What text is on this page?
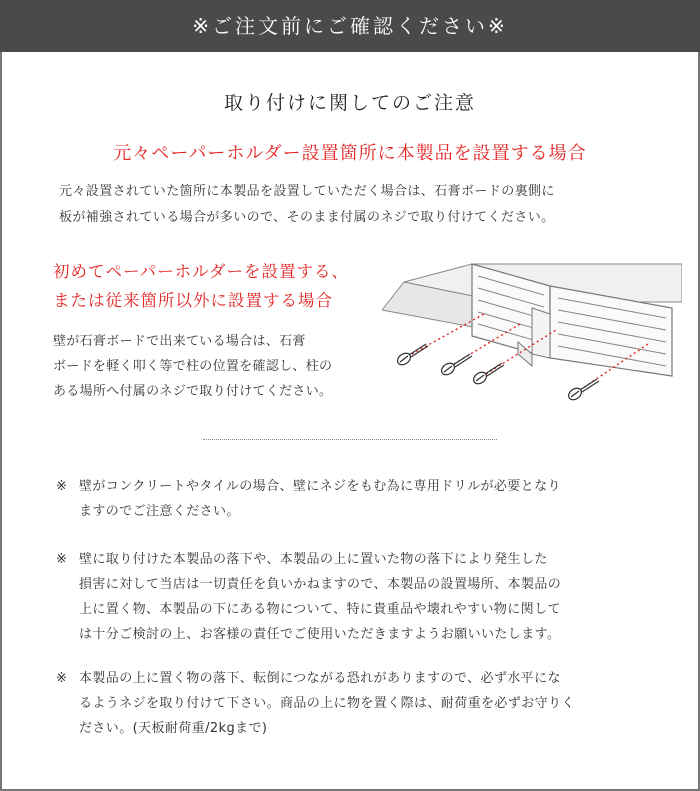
※ご注文前にご確認ください※
取り付けに関してのご注意
元々ペーパーホルダー設置箇所に本製品を設置する場合
元々設置されていた箇所に本製品を設置していただく場合は、石膏ボードの裏側に
板が補強されている場合が多いので、そのまま付属のネジで取り付けてください。
初めてペーパーホルダーを設置する、
または従来箇所以外に設置する場合
壁が石膏ボードで出来ている場合は、石膏
ボードを軽く叩く等で柱の位置を確認し、柱の
ある場所へ付属のネジで取り付けてください。
※ 壁がコンクリートやタイルの場合、壁にネジをもむ為に専用ドリルが必要となり
ますのでご注意ください。
※ 壁に取り付けた本製品の落下や、本製品の上に置いた物の落下により発生した
損害に対して当店は一切責任を負いかねますので、本製品の設置場所、本製品の
上に置く物、本製品の下にある物について、特に貴重品や壊れやすい物に関して
は十分ご検討の上、お客様の責任でご使用いただきますようお願いいたします。
※ 本製品の上に置く物の落下、転倒につながる恐れがありますので、必ず水平にな
るようネジを取り付けて下さい。商品の上に物を置く際は、耐荷重を必ずお守りく
ださい。(天板耐荷重/2kgまで)
